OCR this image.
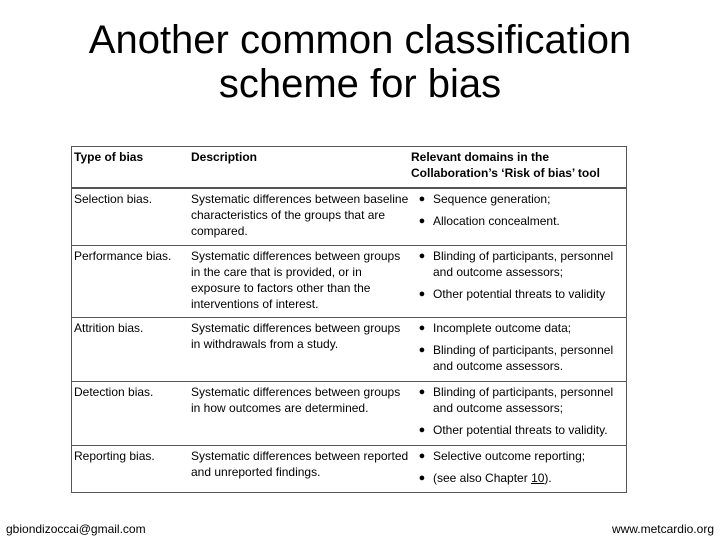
Another common classification
scheme for bias
Type of bias	Description	Relevant domains in the
Collaboration’s ‘Risk of bias’ tool
Selection bias.	Systematic differences between baseline characteristics of the groups that are compared.
● Sequence generation;
● Allocation concealment.
Performance bias.	Systematic differences between groups in the care that is provided, or in exposure to factors other than the interventions of interest.
● Blinding of participants, personnel and outcome assessors;
● Other potential threats to validity
Attrition bias.	Systematic differences between groups in withdrawals from a study.
● Incomplete outcome data;
● Blinding of participants, personnel and outcome assessors.
Detection bias.	Systematic differences between groups in how outcomes are determined.
● Blinding of participants, personnel and outcome assessors;
● Other potential threats to validity.
Reporting bias.	Systematic differences between reported and unreported findings.
● Selective outcome reporting;
● (see also Chapter 10).
gbiondizoccai@gmail.com	www.metcardio.org
